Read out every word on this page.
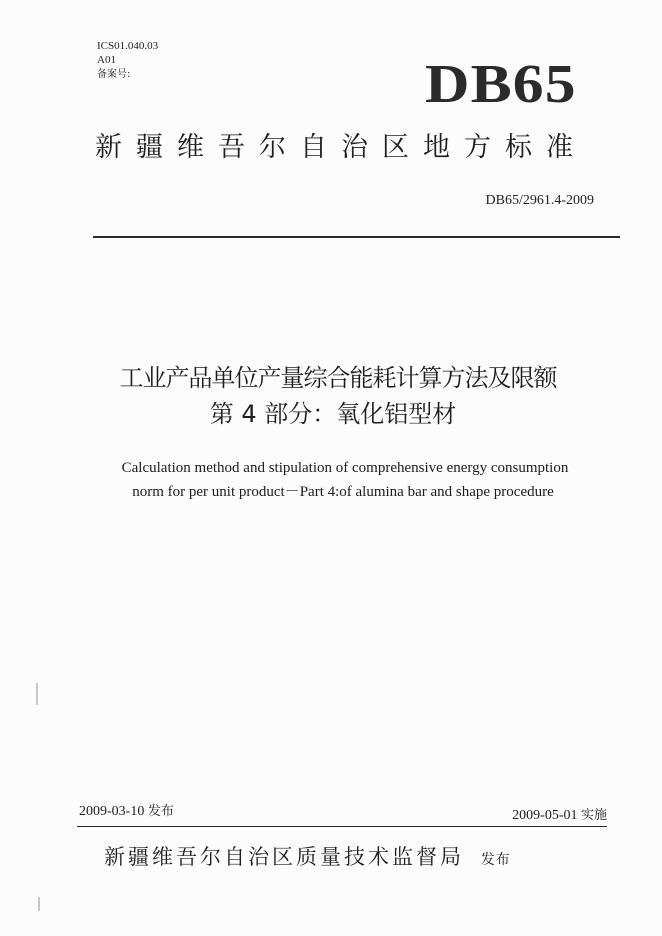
ICS01.040.03
A01
备案号:	DB65
新疆维吾尔自治区地方标准
DB65/2961.4-2009
工业产品单位产量综合能耗计算方法及限额
第 4 部分：氧化铝型材
Calculation method and stipulation of comprehensive energy consumption
norm for per unit product－Part 4:of alumina bar and shape procedure
2009-03-10 发布	2009-05-01 实施
新疆维吾尔自治区质量技术监督局 发布
